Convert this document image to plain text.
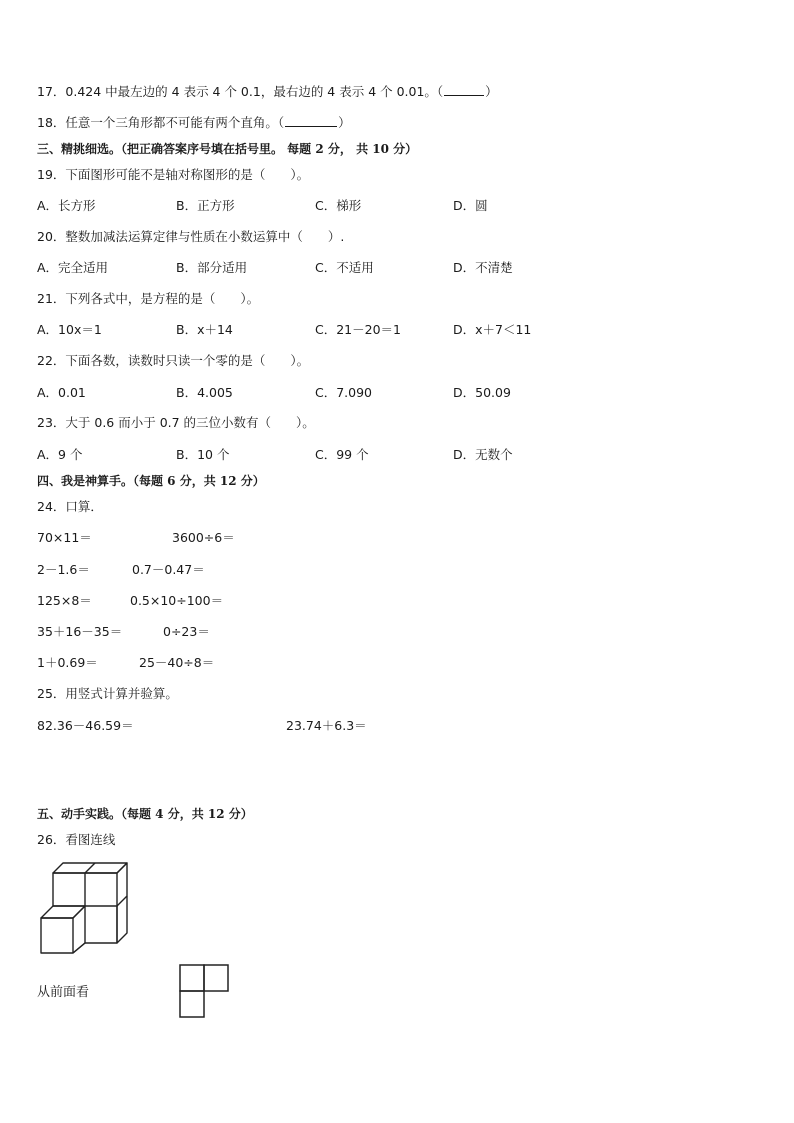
17．0.424 中最左边的 4 表示 4 个 0.1，最右边的 4 表示 4 个 0.01。（	）
18．任意一个三角形都不可能有两个直角。（	）
三、精挑细选。（把正确答案序号填在括号里。 每题 2 分， 共 10 分）
19．下面图形可能不是轴对称图形的是（　　）。
A．长方形	B．正方形	C．梯形	D．圆
20．整数加减法运算定律与性质在小数运算中（　　）.
A．完全适用	B．部分适用	C．不适用	D．不清楚
21．下列各式中，是方程的是（　　）。
A．10x＝1	B．x＋14	C．21－20＝1	D．x＋7＜11
22．下面各数，读数时只读一个零的是（　　）。
A．0.01	B．4.005	C．7.090	D．50.09
23．大于 0.6 而小于 0.7 的三位小数有（　　）。
A．9 个	B．10 个	C．99 个	D．无数个
四、我是神算手。（每题 6 分，共 12 分）
24．口算．
70×11＝	3600÷6＝
2－1.6＝	0.7－0.47＝
125×8＝	0.5×10÷100＝
35＋16－35＝	0÷23＝
1＋0.69＝	25－40÷8＝
25．用竖式计算并验算。
82.36－46.59＝	23.74＋6.3＝
五、动手实践。（每题 4 分，共 12 分）
26．看图连线
从前面看
